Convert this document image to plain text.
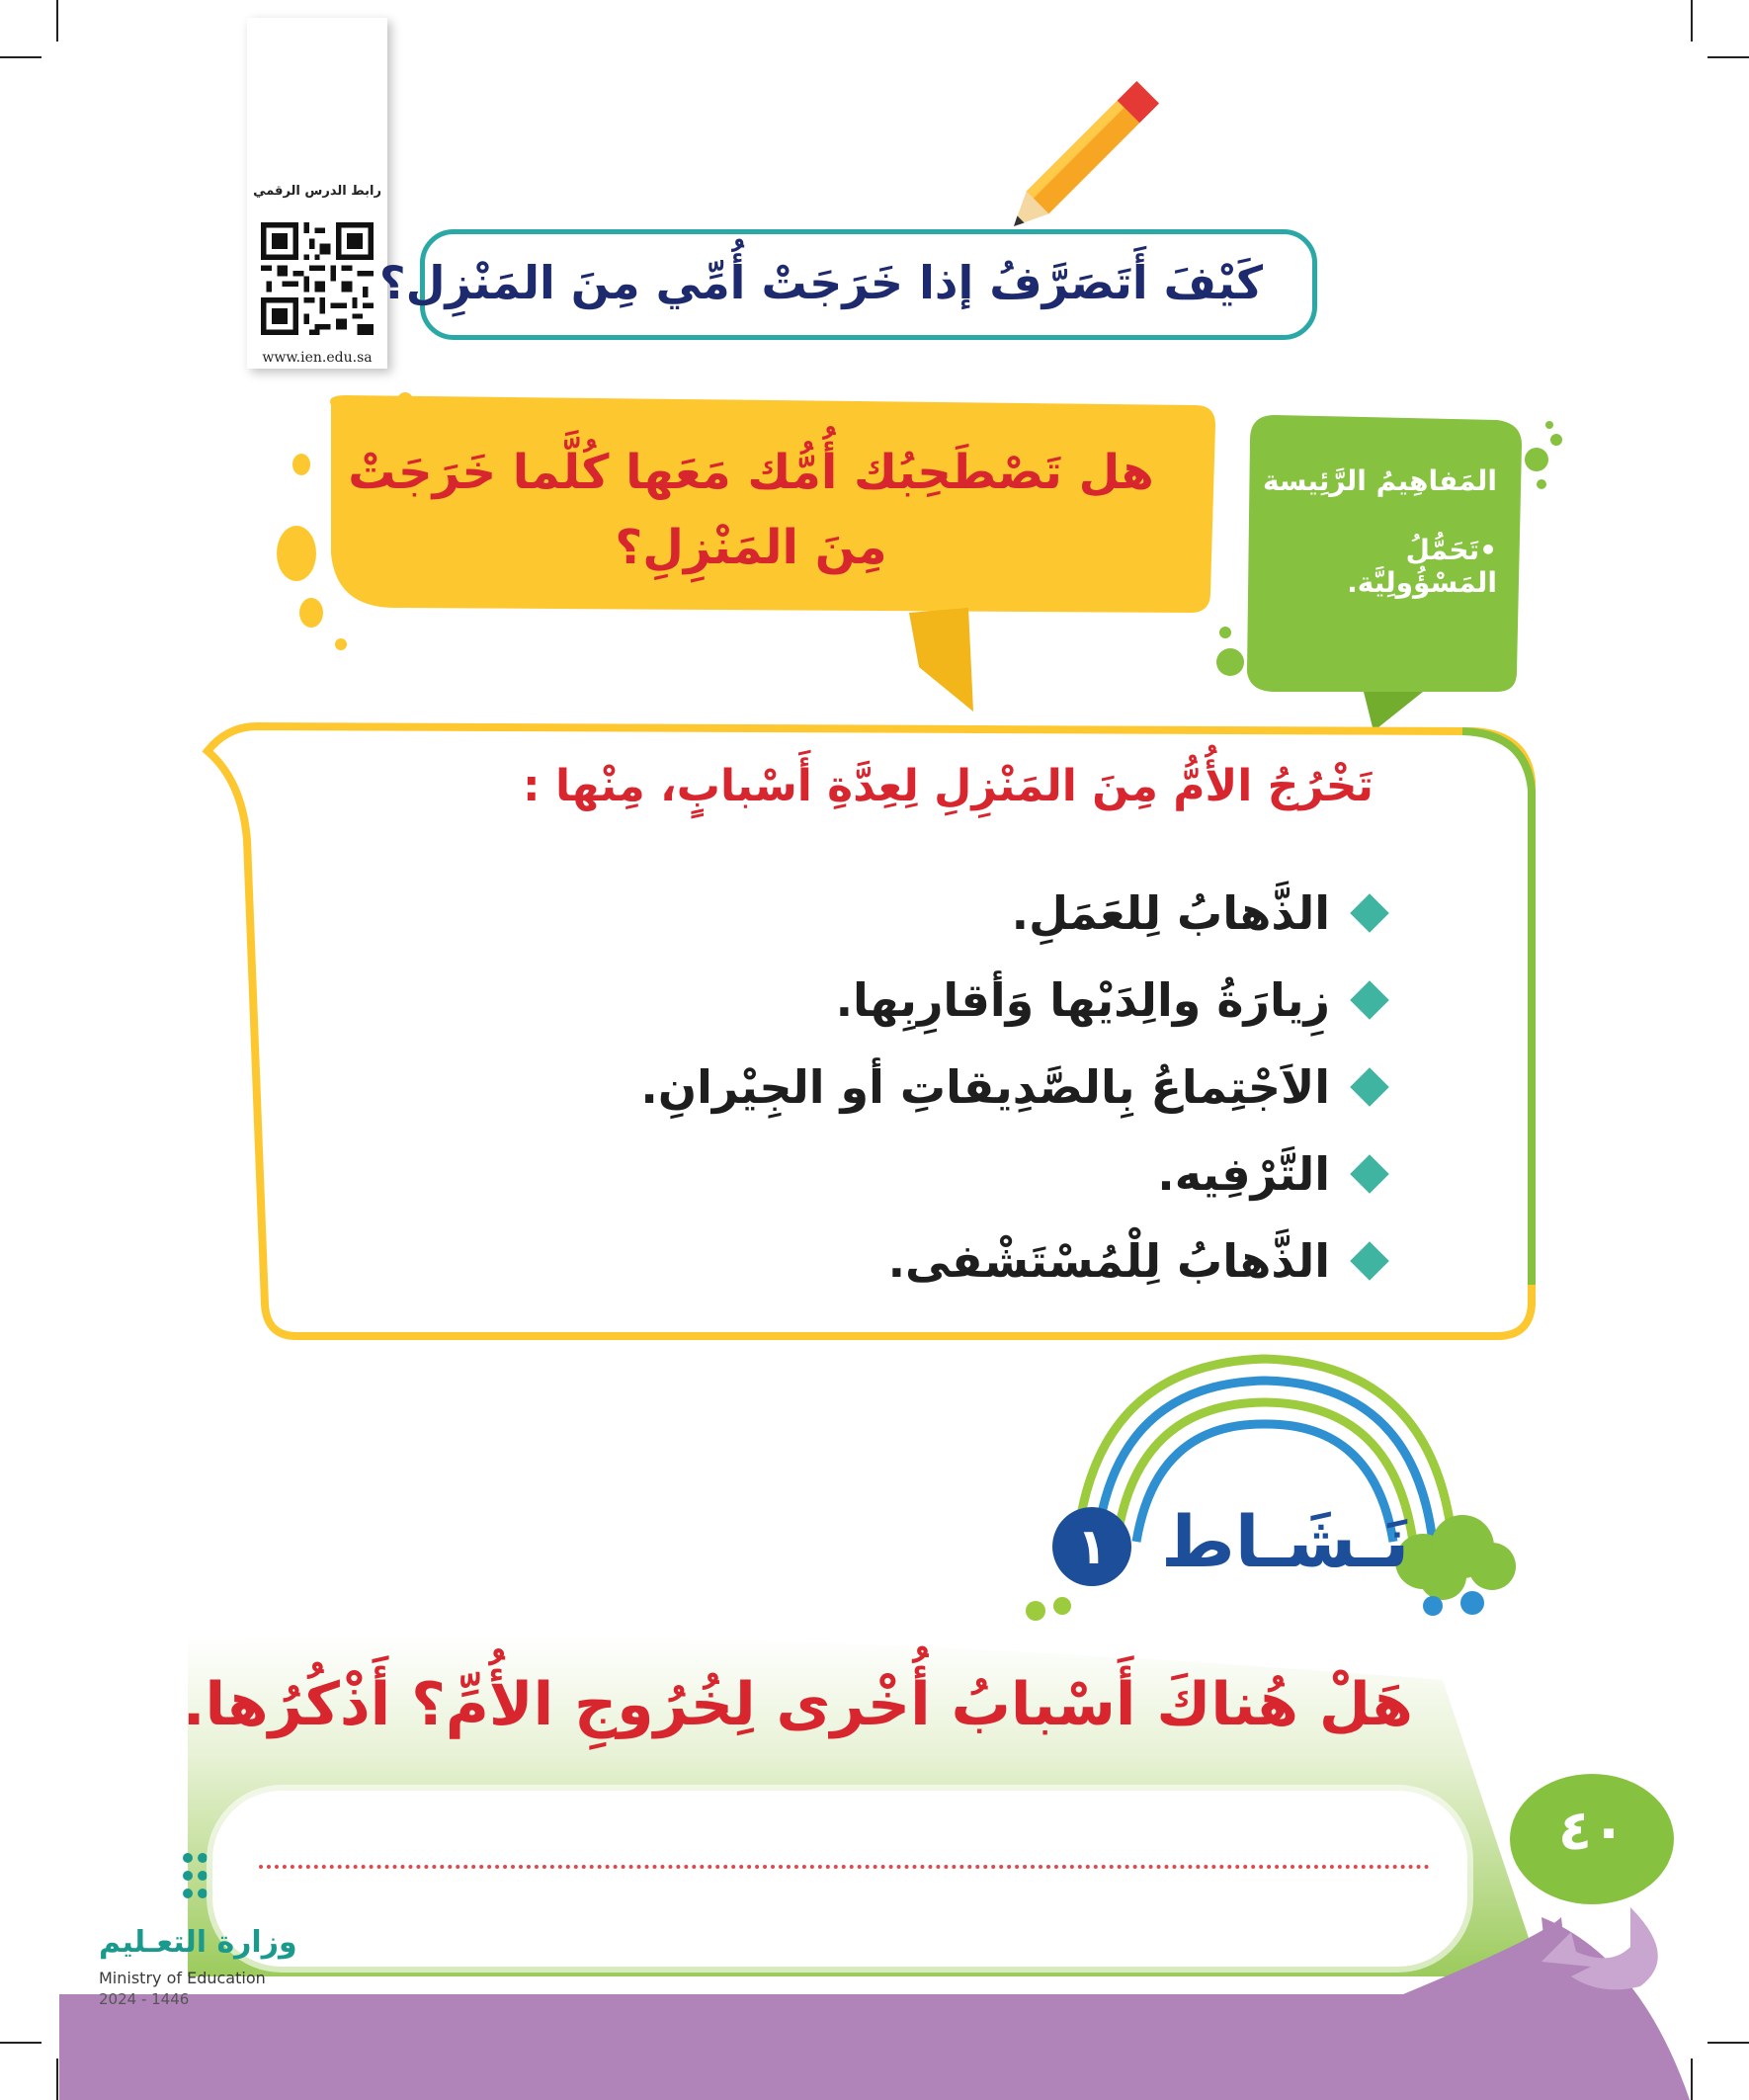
رابط الدرس الرقمي
www.ien.edu.sa
كَيْفَ أَتَصَرَّفُ إذا خَرَجَتْ أُمِّي مِنَ المَنْزِل؟
هل تَصْطَحِبُك أُمُّك مَعَها كُلَّما خَرَجَتْ
مِنَ المَنْزِلِ؟
المَفاهِيمُ الرَّئِيسة
•تَحَمُّلُ المَسْؤُولِيَّة.
تَخْرُجُ الأُمُّ مِنَ المَنْزِلِ لِعِدَّةِ أَسْبابٍ، مِنْها :
الذَّهابُ لِلعَمَلِ.
زِيارَةُ والِدَيْها وَأقارِبِها.
الاَجْتِماعُ بِالصَّدِيقاتِ أو الجِيْرانِ.
التَّرْفِيه.
الذَّهابُ لِلْمُسْتَشْفى.
نَـشَـاط
١
هَلْ هُناكَ أَسْبابُ أُخْرى لِخُرُوجِ الأُمِّ؟ أَذْكُرُها.
٤٠
وزارة التعـليم
Ministry of Education
2024 - 1446
